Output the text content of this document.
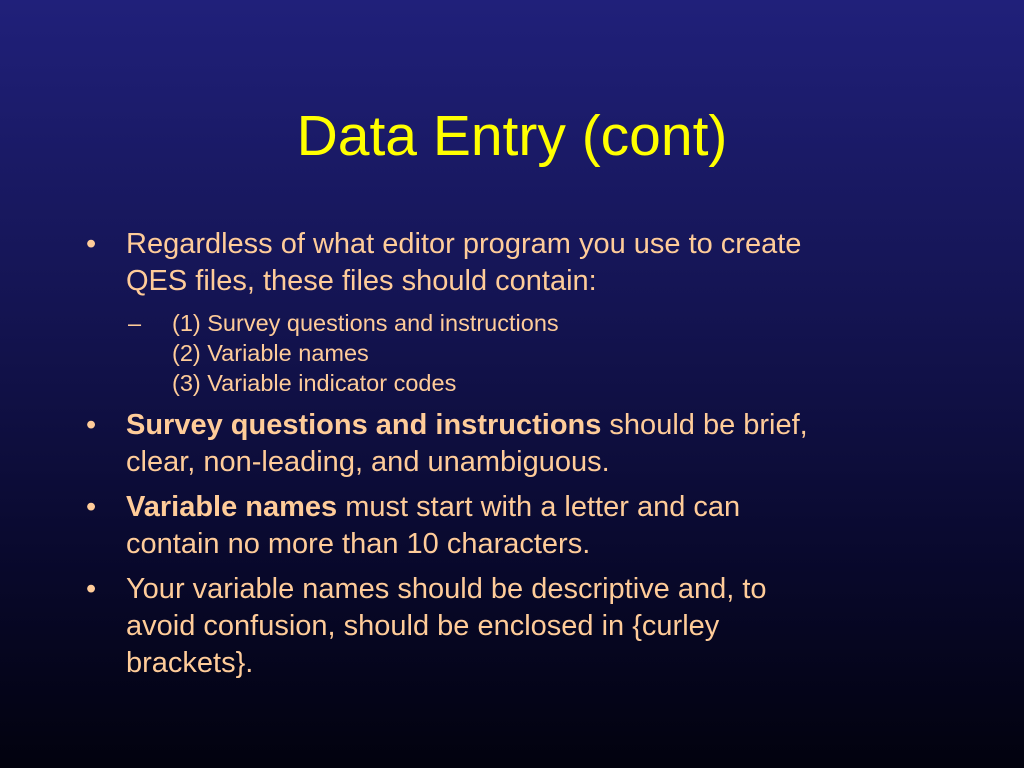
Data Entry (cont)
• Regardless of what editor program you use to create
QES files, these files should contain:
– (1) Survey questions and instructions
(2) Variable names
(3) Variable indicator codes
• Survey questions and instructions should be brief,
clear, non-leading, and unambiguous.
• Variable names must start with a letter and can
contain no more than 10 characters.
• Your variable names should be descriptive and, to
avoid confusion, should be enclosed in {curley
brackets}.
